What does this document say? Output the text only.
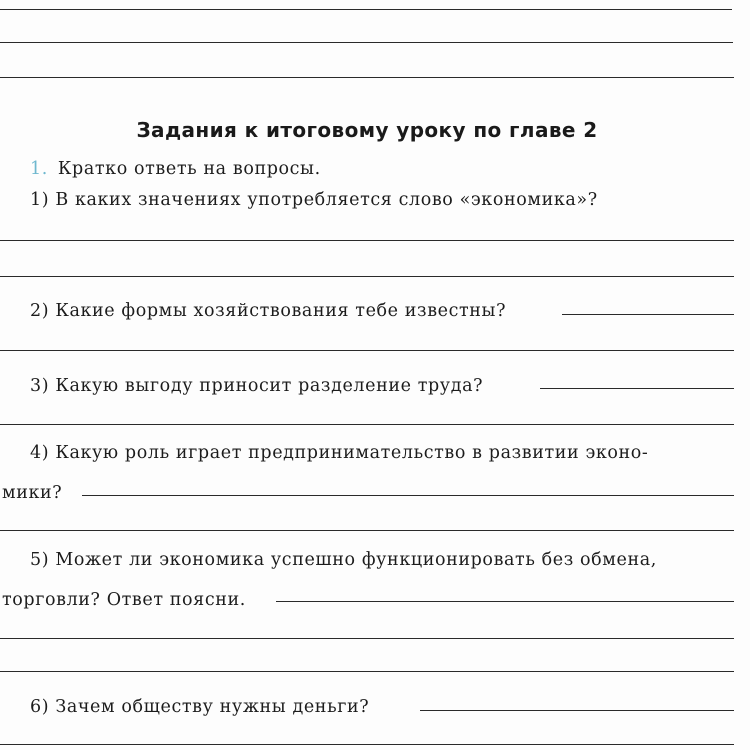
Задания к итоговому уроку по главе 2
1. Кратко ответь на вопросы.
1) В каких значениях употребляется слово «экономика»?
2) Какие формы хозяйствования тебе известны?
3) Какую выгоду приносит разделение труда?
4) Какую роль играет предпринимательство в развитии эконо-
мики?
5) Может ли экономика успешно функционировать без обмена,
торговли? Ответ поясни.
6) Зачем обществу нужны деньги?
